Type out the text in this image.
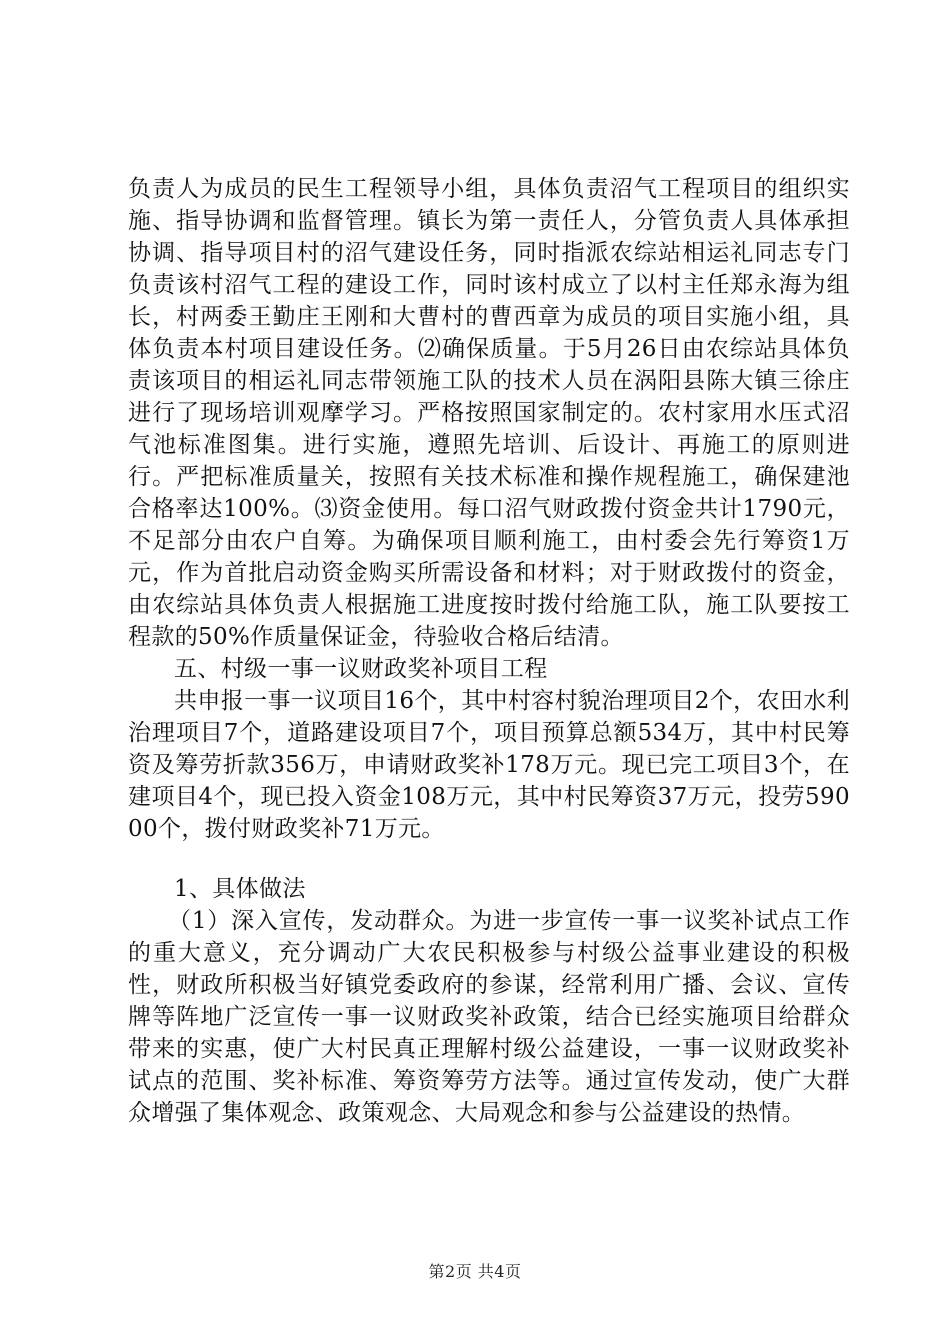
负责人为成员的民生工程领导小组，具体负责沼气工程项目的组织实施、指导协调和监督管理。镇长为第一责任人，分管负责人具体承担协调、指导项目村的沼气建设任务，同时指派农综站相运礼同志专门负责该村沼气工程的建设工作，同时该村成立了以村主任郑永海为组长，村两委王勤庄王刚和大曹村的曹西章为成员的项目实施小组，具体负责本村项目建设任务。⑵确保质量。于5月26日由农综站具体负责该项目的相运礼同志带领施工队的技术人员在涡阳县陈大镇三徐庄进行了现场培训观摩学习。严格按照国家制定的。农村家用水压式沼气池标准图集。进行实施，遵照先培训、后设计、再施工的原则进行。严把标准质量关，按照有关技术标准和操作规程施工，确保建池合格率达100%。⑶资金使用。每口沼气财政拨付资金共计1790元，不足部分由农户自筹。为确保项目顺利施工，由村委会先行筹资1万元，作为首批启动资金购买所需设备和材料；对于财政拨付的资金，由农综站具体负责人根据施工进度按时拨付给施工队，施工队要按工程款的50%作质量保证金，待验收合格后结清。

五、村级一事一议财政奖补项目工程

共申报一事一议项目16个，其中村容村貌治理项目2个，农田水利治理项目7个，道路建设项目7个，项目预算总额534万，其中村民筹资及筹劳折款356万，申请财政奖补178万元。现已完工项目3个，在建项目4个，现已投入资金108万元，其中村民筹资37万元，投劳59000个，拨付财政奖补71万元。

1、具体做法

（1）深入宣传，发动群众。为进一步宣传一事一议奖补试点工作的重大意义，充分调动广大农民积极参与村级公益事业建设的积极性，财政所积极当好镇党委政府的参谋，经常利用广播、会议、宣传牌等阵地广泛宣传一事一议财政奖补政策，结合已经实施项目给群众带来的实惠，使广大村民真正理解村级公益建设，一事一议财政奖补试点的范围、奖补标准、筹资筹劳方法等。通过宣传发动，使广大群众增强了集体观念、政策观念、大局观念和参与公益建设的热情。

第2页 共4页
